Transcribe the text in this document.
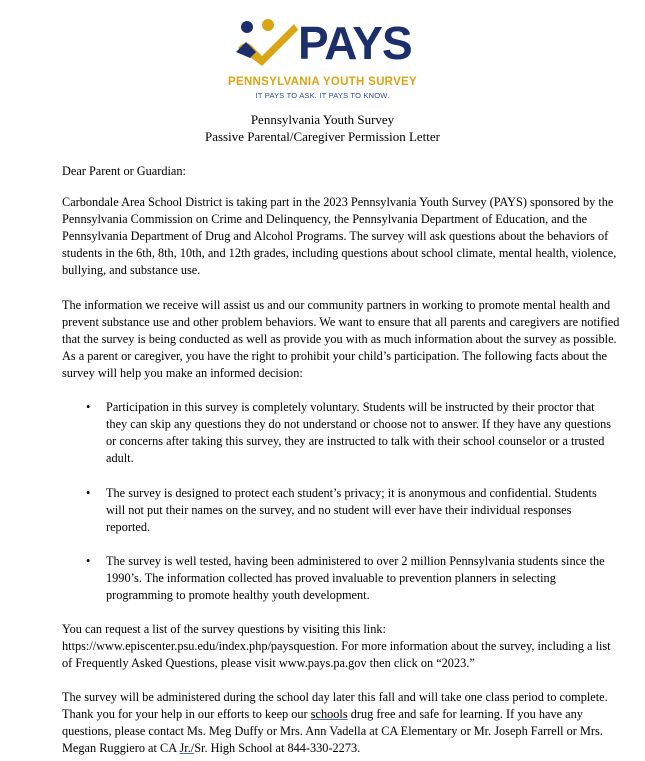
PAYS
PENNSYLVANIA YOUTH SURVEY
IT PAYS TO ASK. IT PAYS TO KNOW.
Pennsylvania Youth Survey
Passive Parental/Caregiver Permission Letter
Dear Parent or Guardian:
Carbondale Area School District is taking part in the 2023 Pennsylvania Youth Survey (PAYS) sponsored by the Pennsylvania Commission on Crime and Delinquency, the Pennsylvania Department of Education, and the Pennsylvania Department of Drug and Alcohol Programs. The survey will ask questions about the behaviors of students in the 6th, 8th, 10th, and 12th grades, including questions about school climate, mental health, violence, bullying, and substance use.
The information we receive will assist us and our community partners in working to promote mental health and prevent substance use and other problem behaviors. We want to ensure that all parents and caregivers are notified that the survey is being conducted as well as provide you with as much information about the survey as possible. As a parent or caregiver, you have the right to prohibit your child’s participation. The following facts about the survey will help you make an informed decision:
• Participation in this survey is completely voluntary. Students will be instructed by their proctor that they can skip any questions they do not understand or choose not to answer. If they have any questions or concerns after taking this survey, they are instructed to talk with their school counselor or a trusted adult.
• The survey is designed to protect each student’s privacy; it is anonymous and confidential. Students will not put their names on the survey, and no student will ever have their individual responses reported.
• The survey is well tested, having been administered to over 2 million Pennsylvania students since the 1990’s. The information collected has proved invaluable to prevention planners in selecting programming to promote healthy youth development.
You can request a list of the survey questions by visiting this link: https://www.episcenter.psu.edu/index.php/paysquestion. For more information about the survey, including a list of Frequently Asked Questions, please visit www.pays.pa.gov then click on “2023.”
The survey will be administered during the school day later this fall and will take one class period to complete. Thank you for your help in our efforts to keep our schools drug free and safe for learning. If you have any questions, please contact Ms. Meg Duffy or Mrs. Ann Vadella at CA Elementary or Mr. Joseph Farrell or Mrs. Megan Ruggiero at CA Jr./Sr. High School at 844-330-2273.
